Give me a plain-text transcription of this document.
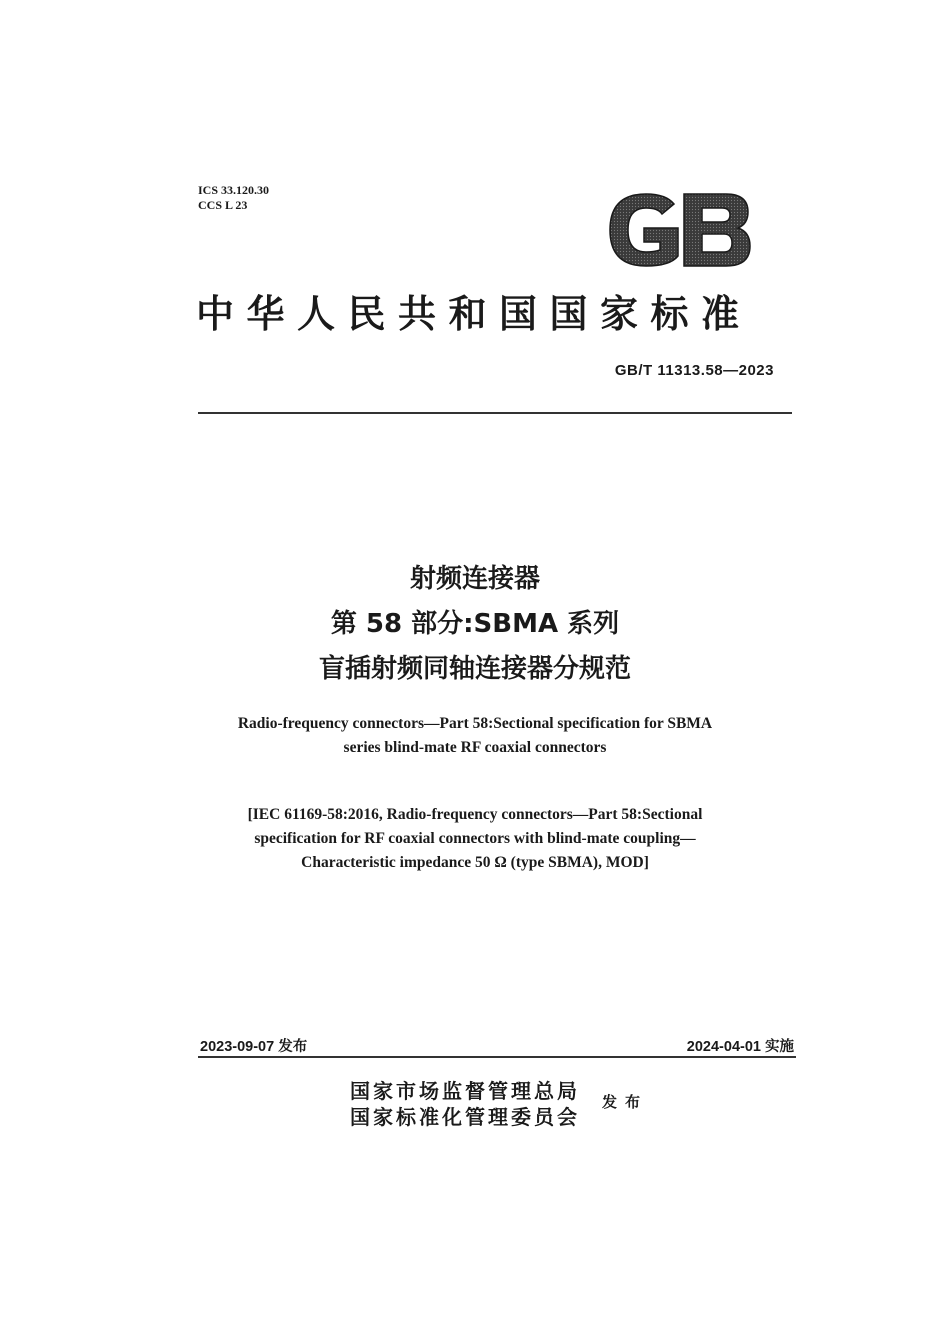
ICS 33.120.30
CCS L 23
中华人民共和国国家标准
GB/T 11313.58—2023
射频连接器
第 58 部分:SBMA 系列
盲插射频同轴连接器分规范
Radio-frequency connectors—Part 58:Sectional specification for SBMA
series blind-mate RF coaxial connectors
[IEC 61169-58:2016, Radio-frequency connectors—Part 58:Sectional
specification for RF coaxial connectors with blind-mate coupling—
Characteristic impedance 50 Ω (type SBMA), MOD]
2023-09-07 发布	2024-04-01 实施
国家市场监督管理总局
国家标准化管理委员会
发布
